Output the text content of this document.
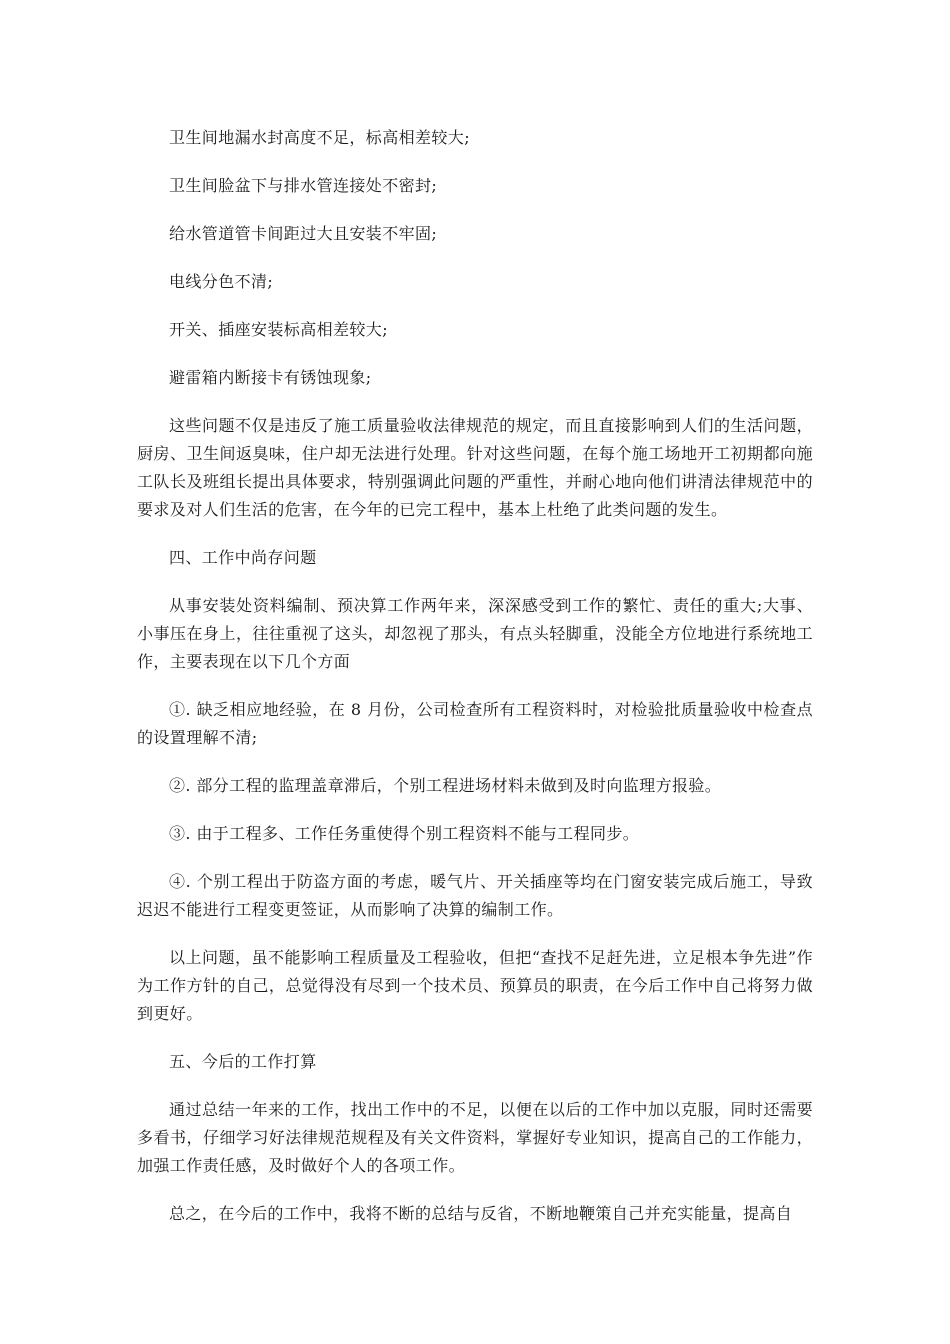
卫生间地漏水封高度不足，标高相差较大;

卫生间脸盆下与排水管连接处不密封;

给水管道管卡间距过大且安装不牢固;

电线分色不清;

开关、插座安装标高相差较大;

避雷箱内断接卡有锈蚀现象;

这些问题不仅是违反了施工质量验收法律规范的规定，而且直接影响到人们的生活问题，厨房、卫生间返臭味，住户却无法进行处理。针对这些问题，在每个施工场地开工初期都向施工队长及班组长提出具体要求，特别强调此问题的严重性，并耐心地向他们讲清法律规范中的要求及对人们生活的危害，在今年的已完工程中，基本上杜绝了此类问题的发生。

四、工作中尚存问题

从事安装处资料编制、预决算工作两年来，深深感受到工作的繁忙、责任的重大;大事、小事压在身上，往往重视了这头，却忽视了那头，有点头轻脚重，没能全方位地进行系统地工作，主要表现在以下几个方面

①. 缺乏相应地经验，在 8 月份，公司检查所有工程资料时，对检验批质量验收中检查点的设置理解不清;

②. 部分工程的监理盖章滞后，个别工程进场材料未做到及时向监理方报验。

③. 由于工程多、工作任务重使得个别工程资料不能与工程同步。

④. 个别工程出于防盗方面的考虑，暖气片、开关插座等均在门窗安装完成后施工，导致迟迟不能进行工程变更签证，从而影响了决算的编制工作。

以上问题，虽不能影响工程质量及工程验收，但把“查找不足赶先进，立足根本争先进”作为工作方针的自己，总觉得没有尽到一个技术员、预算员的职责，在今后工作中自己将努力做到更好。

五、今后的工作打算

通过总结一年来的工作，找出工作中的不足，以便在以后的工作中加以克服，同时还需要多看书，仔细学习好法律规范规程及有关文件资料，掌握好专业知识，提高自己的工作能力，加强工作责任感，及时做好个人的各项工作。

总之，在今后的工作中，我将不断的总结与反省，不断地鞭策自己并充实能量，提高自
